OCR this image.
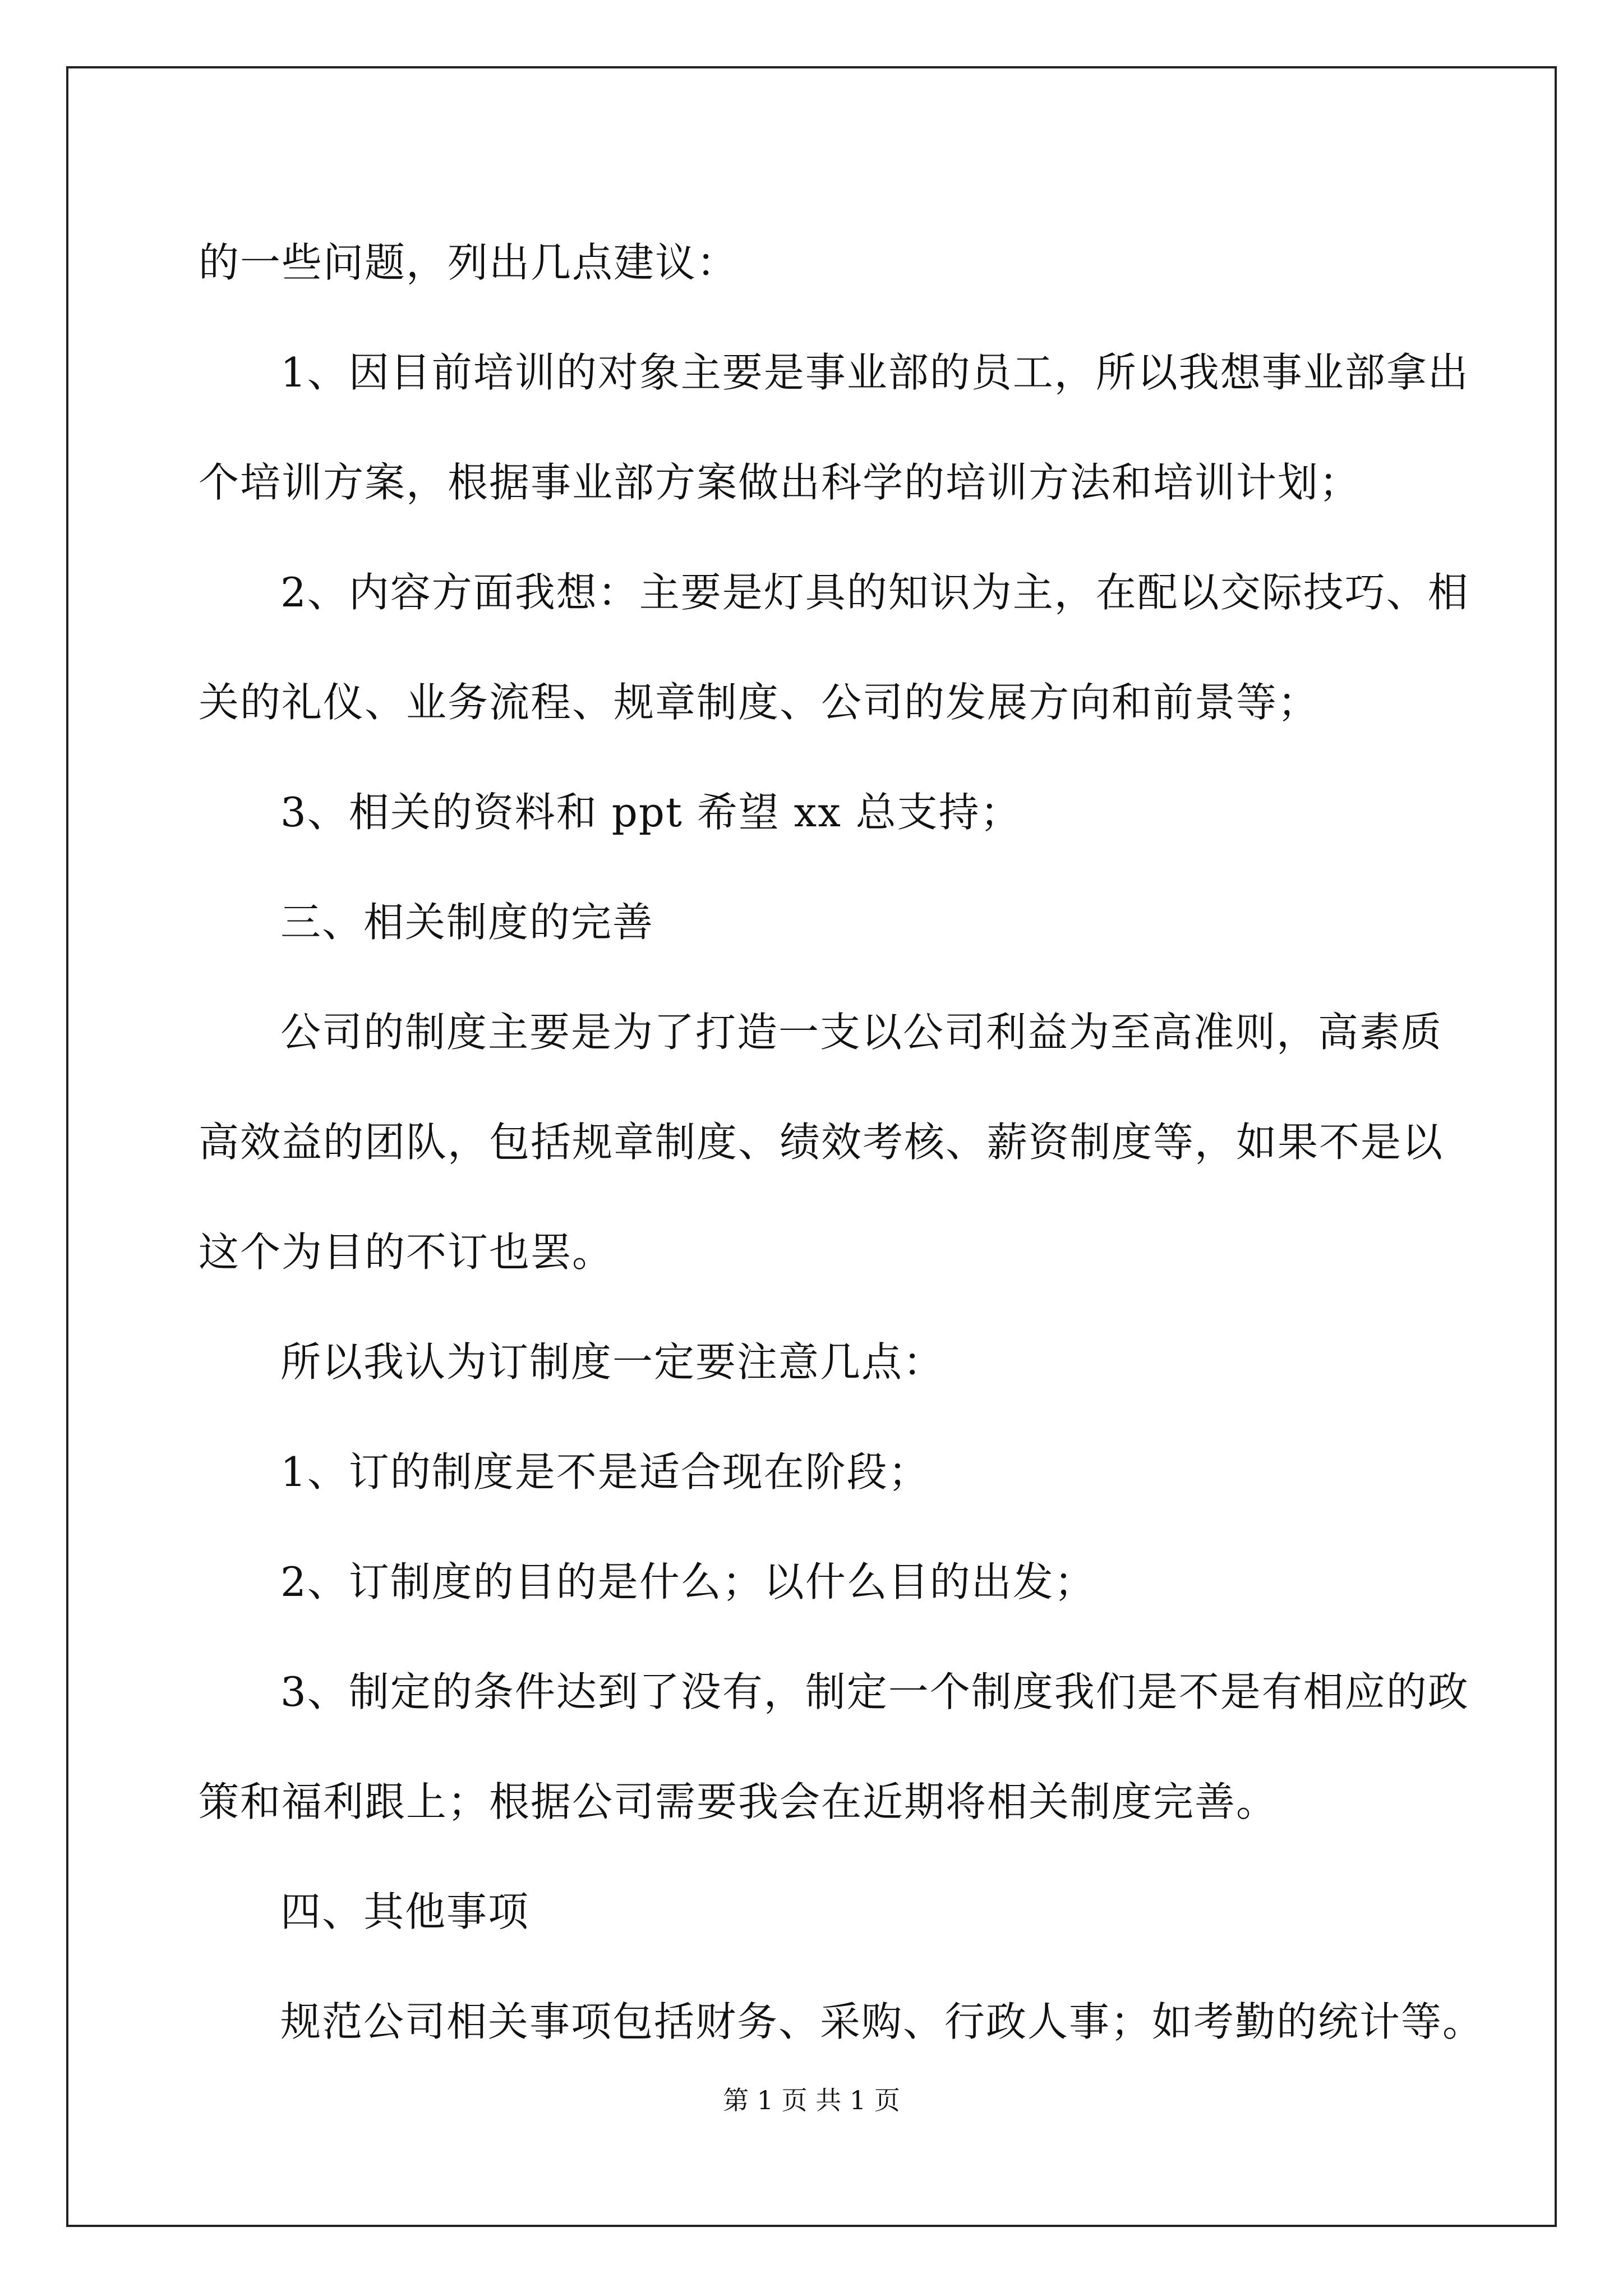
的一些问题，列出几点建议：

1、因目前培训的对象主要是事业部的员工，所以我想事业部拿出

个培训方案，根据事业部方案做出科学的培训方法和培训计划；

2、内容方面我想：主要是灯具的知识为主，在配以交际技巧、相

关的礼仪、业务流程、规章制度、公司的发展方向和前景等；

3、相关的资料和 ppt 希望 xx 总支持；

三、相关制度的完善

公司的制度主要是为了打造一支以公司利益为至高准则，高素质

高效益的团队，包括规章制度、绩效考核、薪资制度等，如果不是以

这个为目的不订也罢。

所以我认为订制度一定要注意几点：

1、订的制度是不是适合现在阶段；

2、订制度的目的是什么；以什么目的出发；

3、制定的条件达到了没有，制定一个制度我们是不是有相应的政

策和福利跟上；根据公司需要我会在近期将相关制度完善。

四、其他事项

规范公司相关事项包括财务、采购、行政人事；如考勤的统计等。

第 1 页 共 1 页
